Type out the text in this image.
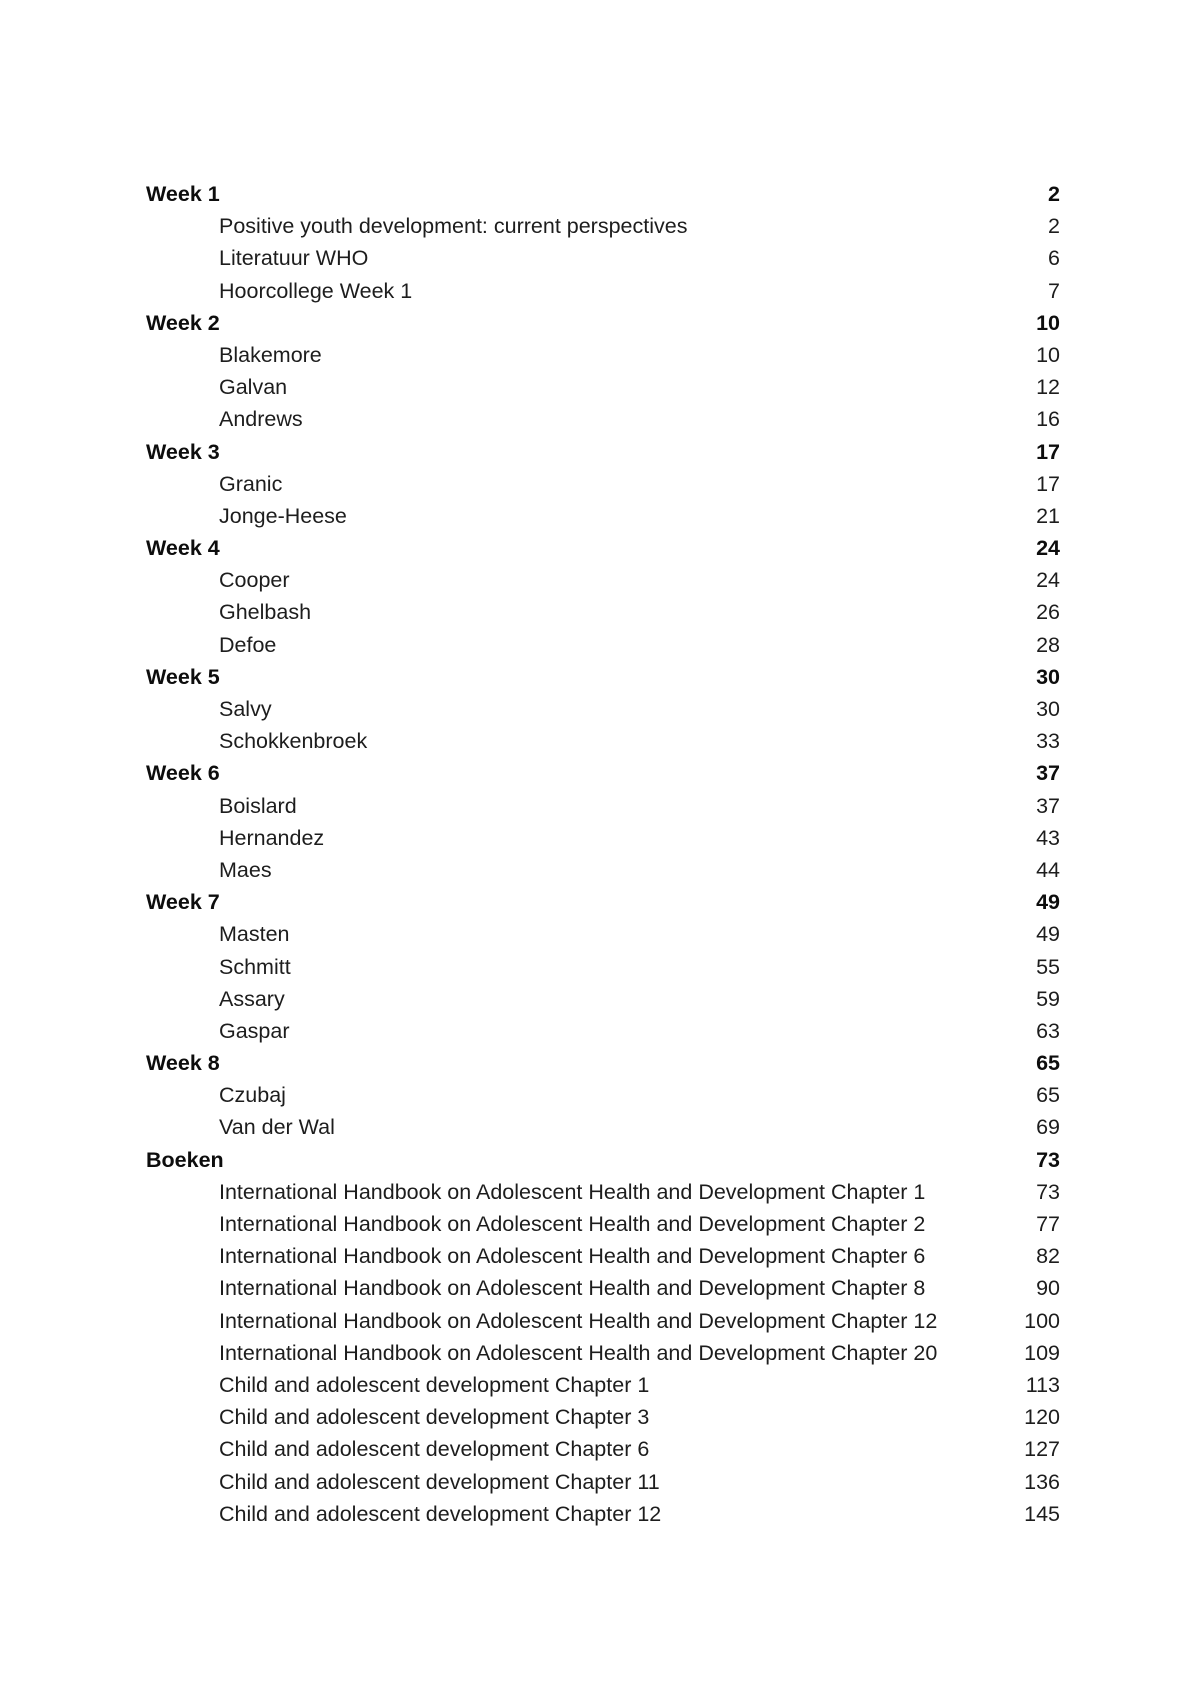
Week 1	2
Positive youth development: current perspectives	2
Literatuur WHO	6
Hoorcollege Week 1	7
Week 2	10
Blakemore	10
Galvan	12
Andrews	16
Week 3	17
Granic	17
Jonge-Heese	21
Week 4	24
Cooper	24
Ghelbash	26
Defoe	28
Week 5	30
Salvy	30
Schokkenbroek	33
Week 6	37
Boislard	37
Hernandez	43
Maes	44
Week 7	49
Masten	49
Schmitt	55
Assary	59
Gaspar	63
Week 8	65
Czubaj	65
Van der Wal	69
Boeken	73
International Handbook on Adolescent Health and Development Chapter 1	73
International Handbook on Adolescent Health and Development Chapter 2	77
International Handbook on Adolescent Health and Development Chapter 6	82
International Handbook on Adolescent Health and Development Chapter 8	90
International Handbook on Adolescent Health and Development Chapter 12	100
International Handbook on Adolescent Health and Development Chapter 20	109
Child and adolescent development Chapter 1	113
Child and adolescent development Chapter 3	120
Child and adolescent development Chapter 6	127
Child and adolescent development Chapter 11	136
Child and adolescent development Chapter 12	145
